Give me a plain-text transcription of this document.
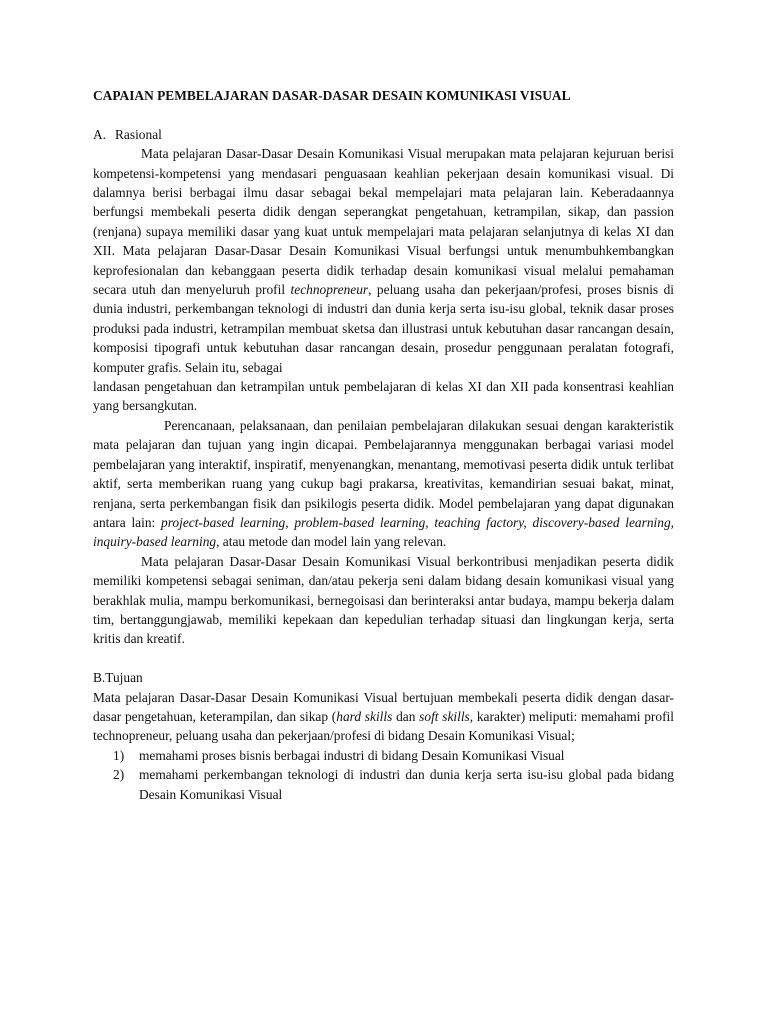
CAPAIAN PEMBELAJARAN DASAR-DASAR DESAIN KOMUNIKASI VISUAL
A. Rasional

Mata pelajaran Dasar-Dasar Desain Komunikasi Visual merupakan mata pelajaran kejuruan berisi kompetensi-kompetensi yang mendasari penguasaan keahlian pekerjaan desain komunikasi visual. Di dalamnya berisi berbagai ilmu dasar sebagai bekal mempelajari mata pelajaran lain. Keberadaannya berfungsi membekali peserta didik dengan seperangkat pengetahuan, ketrampilan, sikap, dan passion (renjana) supaya memiliki dasar yang kuat untuk mempelajari mata pelajaran selanjutnya di kelas XI dan XII. Mata pelajaran Dasar-Dasar Desain Komunikasi Visual berfungsi untuk menumbuhkembangkan keprofesionalan dan kebanggaan peserta didik terhadap desain komunikasi visual melalui pemahaman secara utuh dan menyeluruh profil technopreneur, peluang usaha dan pekerjaan/profesi, proses bisnis di dunia industri, perkembangan teknologi di industri dan dunia kerja serta isu-isu global, teknik dasar proses produksi pada industri, ketrampilan membuat sketsa dan illustrasi untuk kebutuhan dasar rancangan desain, komposisi tipografi untuk kebutuhan dasar rancangan desain, prosedur penggunaan peralatan fotografi, komputer grafis. Selain itu, sebagai

landasan pengetahuan dan ketrampilan untuk pembelajaran di kelas XI dan XII pada konsentrasi keahlian yang bersangkutan.

Perencanaan, pelaksanaan, dan penilaian pembelajaran dilakukan sesuai dengan karakteristik mata pelajaran dan tujuan yang ingin dicapai. Pembelajarannya menggunakan berbagai variasi model pembelajaran yang interaktif, inspiratif, menyenangkan, menantang, memotivasi peserta didik untuk terlibat aktif, serta memberikan ruang yang cukup bagi prakarsa, kreativitas, kemandirian sesuai bakat, minat, renjana, serta perkembangan fisik dan psikilogis peserta didik. Model pembelajaran yang dapat digunakan antara lain: project-based learning, problem-based learning, teaching factory, discovery-based learning, inquiry-based learning, atau metode dan model lain yang relevan.

Mata pelajaran Dasar-Dasar Desain Komunikasi Visual berkontribusi menjadikan peserta didik memiliki kompetensi sebagai seniman, dan/atau pekerja seni dalam bidang desain komunikasi visual yang berakhlak mulia, mampu berkomunikasi, bernegoisasi dan berinteraksi antar budaya, mampu bekerja dalam tim, bertanggungjawab, memiliki kepekaan dan kepedulian terhadap situasi dan lingkungan kerja, serta kritis dan kreatif.

B.Tujuan

Mata pelajaran Dasar-Dasar Desain Komunikasi Visual bertujuan membekali peserta didik dengan dasar-dasar pengetahuan, keterampilan, dan sikap (hard skills dan soft skills, karakter) meliputi: memahami profil technopreneur, peluang usaha dan pekerjaan/profesi di bidang Desain Komunikasi Visual;

1) memahami proses bisnis berbagai industri di bidang Desain Komunikasi Visual
2) memahami perkembangan teknologi di industri dan dunia kerja serta isu-isu global pada bidang Desain Komunikasi Visual
